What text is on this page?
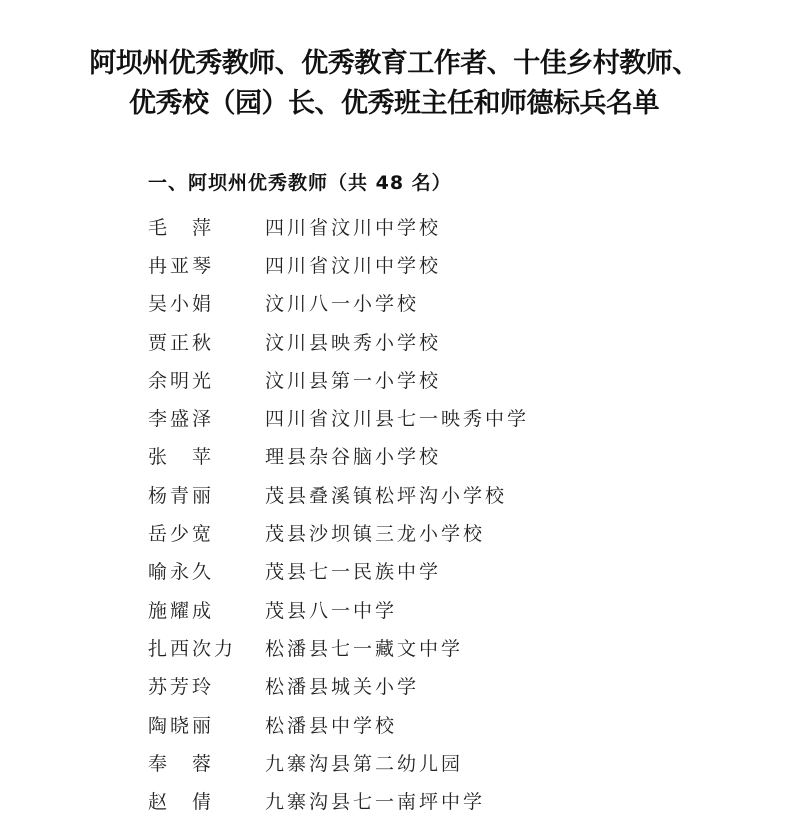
阿坝州优秀教师、优秀教育工作者、十佳乡村教师、
优秀校（园）长、优秀班主任和师德标兵名单
一、阿坝州优秀教师（共 48 名）
毛　萍	四川省汶川中学校
冉亚琴	四川省汶川中学校
吴小娟	汶川八一小学校
贾正秋	汶川县映秀小学校
余明光	汶川县第一小学校
李盛泽	四川省汶川县七一映秀中学
张　苹	理县杂谷脑小学校
杨青丽	茂县叠溪镇松坪沟小学校
岳少宽	茂县沙坝镇三龙小学校
喻永久	茂县七一民族中学
施耀成	茂县八一中学
扎西次力	松潘县七一藏文中学
苏芳玲	松潘县城关小学
陶晓丽	松潘县中学校
奉　蓉	九寨沟县第二幼儿园
赵　倩	九寨沟县七一南坪中学
